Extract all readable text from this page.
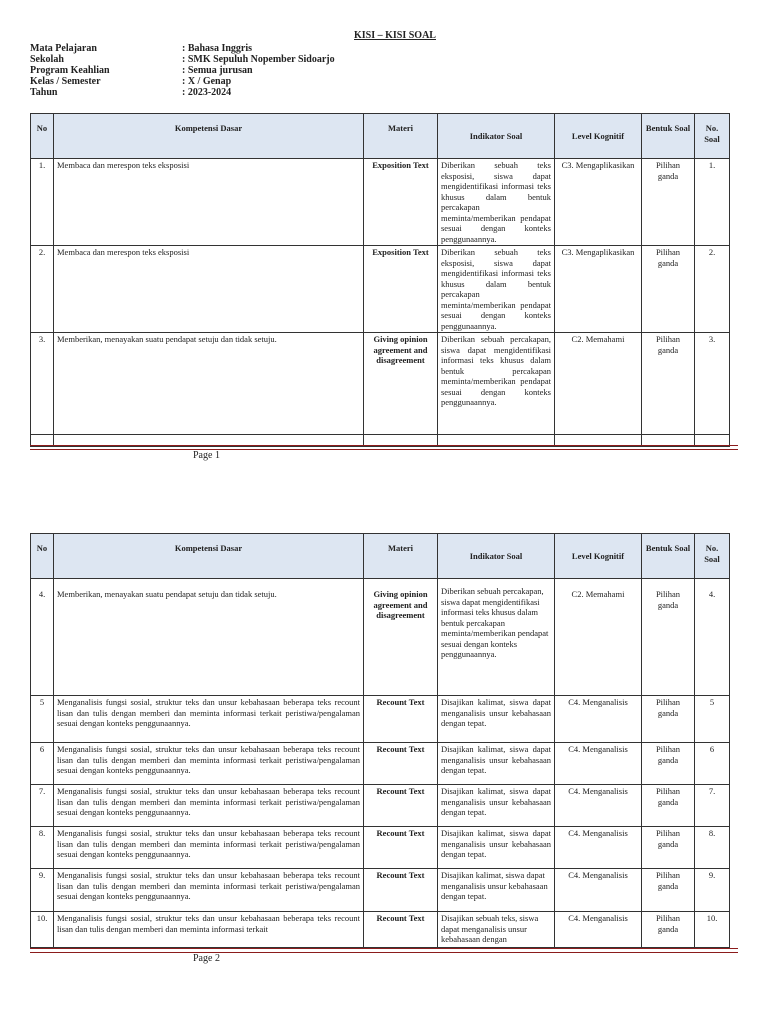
KISI – KISI SOAL
Mata Pelajaran	: Bahasa Inggris
Sekolah	: SMK Sepuluh Nopember Sidoarjo
Program Keahlian	: Semua jurusan
Kelas / Semester	: X / Genap
Tahun	: 2023-2024
No	Kompetensi Dasar	Materi	Indikator Soal	Level Kognitif	Bentuk Soal	No. Soal
1.	Membaca dan merespon teks eksposisi	Exposition Text	Diberikan sebuah teks eksposisi, siswa dapat mengidentifikasi informasi teks khusus dalam bentuk percakapan meminta/memberikan pendapat sesuai dengan konteks penggunaannya.	C3. Mengaplikasikan	Pilihan ganda	1.
2.	Membaca dan merespon teks eksposisi	Exposition Text	Diberikan sebuah teks eksposisi, siswa dapat mengidentifikasi informasi teks khusus dalam bentuk percakapan meminta/memberikan pendapat sesuai dengan konteks penggunaannya.	C3. Mengaplikasikan	Pilihan ganda	2.
3.	Memberikan, menayakan suatu pendapat setuju dan tidak setuju.	Giving opinion agreement and disagreement	Diberikan sebuah percakapan, siswa dapat mengidentifikasi informasi teks khusus dalam bentuk percakapan meminta/memberikan pendapat sesuai dengan konteks penggunaannya.	C2. Memahami	Pilihan ganda	3.

Page 1
No	Kompetensi Dasar	Materi	Indikator Soal	Level Kognitif	Bentuk Soal	No. Soal
4.	Memberikan, menayakan suatu pendapat setuju dan tidak setuju.	Giving opinion agreement and disagreement	Diberikan sebuah percakapan, siswa dapat mengidentifikasi informasi teks khusus dalam bentuk percakapan meminta/memberikan pendapat sesuai dengan konteks penggunaannya.	C2. Memahami	Pilihan ganda	4.
5	Menganalisis fungsi sosial, struktur teks dan unsur kebahasaan beberapa teks recount lisan dan tulis dengan memberi dan meminta informasi terkait peristiwa/pengalaman sesuai dengan konteks penggunaannya.	Recount Text	Disajikan kalimat, siswa dapat menganalisis unsur kebahasaan dengan tepat.	C4. Menganalisis	Pilihan ganda	5
6	Menganalisis fungsi sosial, struktur teks dan unsur kebahasaan beberapa teks recount lisan dan tulis dengan memberi dan meminta informasi terkait peristiwa/pengalaman sesuai dengan konteks penggunaannya.	Recount Text	Disajikan kalimat, siswa dapat menganalisis unsur kebahasaan dengan tepat.	C4. Menganalisis	Pilihan ganda	6
7.	Menganalisis fungsi sosial, struktur teks dan unsur kebahasaan beberapa teks recount lisan dan tulis dengan memberi dan meminta informasi terkait peristiwa/pengalaman sesuai dengan konteks penggunaannya.	Recount Text	Disajikan kalimat, siswa dapat menganalisis unsur kebahasaan dengan tepat.	C4. Menganalisis	Pilihan ganda	7.
8.	Menganalisis fungsi sosial, struktur teks dan unsur kebahasaan beberapa teks recount lisan dan tulis dengan memberi dan meminta informasi terkait peristiwa/pengalaman sesuai dengan konteks penggunaannya.	Recount Text	Disajikan kalimat, siswa dapat menganalisis unsur kebahasaan dengan tepat.	C4. Menganalisis	Pilihan ganda	8.
9.	Menganalisis fungsi sosial, struktur teks dan unsur kebahasaan beberapa teks recount lisan dan tulis dengan memberi dan meminta informasi terkait peristiwa/pengalaman sesuai dengan konteks penggunaannya.	Recount Text	Disajikan kalimat, siswa dapat menganalisis unsur kebahasaan dengan tepat.	C4. Menganalisis	Pilihan ganda	9.
10.	Menganalisis fungsi sosial, struktur teks dan unsur kebahasaan beberapa teks recount lisan dan tulis dengan memberi dan meminta informasi terkait	Recount Text	Disajikan sebuah teks, siswa dapat menganalisis unsur kebahasaan dengan	C4. Menganalisis	Pilihan ganda	10.
Page 2
